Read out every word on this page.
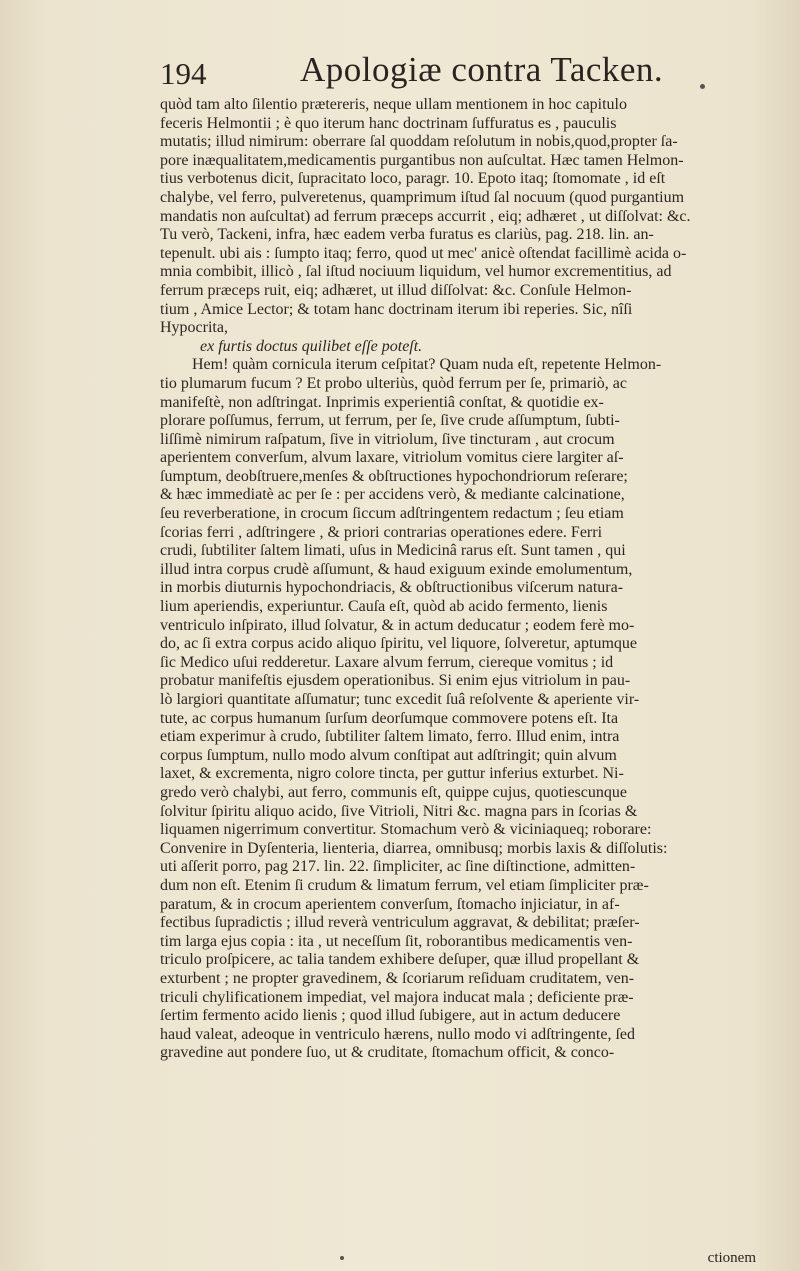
194	Apologiæ contra Tacken.
quòd tam alto ſilentio prætereris, neque ullam mentionem in hoc capitulo
feceris Helmontii ; è quo iterum hanc doctrinam ſuffuratus es , pauculis
mutatis; illud nimirum: oberrare ſal quoddam reſolutum in nobis,quod,propter ſa-
pore inæqualitatem,medicamentis purgantibus non auſcultat. Hæc tamen Helmon-
tius verbotenus dicit, ſupracitato loco, paragr. 10. Epoto itaq; ſtomomate , id eſt
chalybe, vel ferro, pulveretenus, quamprimum iſtud ſal nocuum (quod purgantium
mandatis non auſcultat) ad ferrum præceps accurrit , eiq; adhæret , ut diſſolvat: &c.
Tu verò, Tackeni, infra, hæc eadem verba furatus es clariùs, pag. 218. lin. an-
tepenult. ubi ais : ſumpto itaq; ferro, quod ut mec' anicè oſtendat facillimè acida o-
mnia combibit, illicò , ſal iſtud nociuum liquidum, vel humor excrementitius, ad
ferrum præceps ruit, eiq; adhæret, ut illud diſſolvat: &c. Conſule Helmon-
tium , Amice Lector; & totam hanc doctrinam iterum ibi reperies. Sic, nîſi
Hypocrita,
ex furtis doctus quilibet eſſe poteſt.
Hem! quàm cornicula iterum ceſpitat? Quam nuda eſt, repetente Helmon-
tio plumarum fucum ? Et probo ulteriùs, quòd ferrum per ſe, primariò, ac
manifeſtè, non adſtringat. Inprimis experientiâ conſtat, & quotidie ex-
plorare poſſumus, ferrum, ut ferrum, per ſe, ſive crude aſſumptum, ſubti-
liſſimè nimirum raſpatum, ſive in vitriolum, ſive tincturam , aut crocum
aperientem converſum, alvum laxare, vitriolum vomitus ciere largiter aſ-
ſumptum, deobſtruere,menſes & obſtructiones hypochondriorum reſerare;
& hæc immediatè ac per ſe : per accidens verò, & mediante calcinatione,
ſeu reverberatione, in crocum ſiccum adſtringentem redactum ; ſeu etiam
ſcorias ferri , adſtringere , & priori contrarias operationes edere. Ferri
crudi, ſubtiliter ſaltem limati, uſus in Medicinâ rarus eſt. Sunt tamen , qui
illud intra corpus crudè aſſumunt, & haud exiguum exinde emolumentum,
in morbis diuturnis hypochondriacis, & obſtructionibus viſcerum natura-
lium aperiendis, experiuntur. Cauſa eſt, quòd ab acido fermento, lienis
ventriculo inſpirato, illud ſolvatur, & in actum deducatur ; eodem ferè mo-
do, ac ſi extra corpus acido aliquo ſpiritu, vel liquore, ſolveretur, aptumque
ſic Medico uſui redderetur. Laxare alvum ferrum, ciereque vomitus ; id
probatur manifeſtis ejusdem operationibus. Si enim ejus vitriolum in pau-
lò largiori quantitate aſſumatur; tunc excedit ſuâ reſolvente & aperiente vir-
tute, ac corpus humanum ſurſum deorſumque commovere potens eſt. Ita
etiam experimur à crudo, ſubtiliter ſaltem limato, ferro. Illud enim, intra
corpus ſumptum, nullo modo alvum conſtipat aut adſtringit; quin alvum
laxet, & excrementa, nigro colore tincta, per guttur inferius exturbet. Ni-
gredo verò chalybi, aut ferro, communis eſt, quippe cujus, quotiescunque
ſolvitur ſpiritu aliquo acido, ſive Vitrioli, Nitri &c. magna pars in ſcorias &
liquamen nigerrimum convertitur. Stomachum verò & viciniaqueq; roborare:
Convenire in Dyſenteria, lienteria, diarrea, omnibusq; morbis laxis & diſſolutis:
uti aſſerit porro, pag 217. lin. 22. ſimpliciter, ac ſine diſtinctione, admitten-
dum non eſt. Etenim ſi crudum & limatum ferrum, vel etiam ſimpliciter præ-
paratum, & in crocum aperientem converſum, ſtomacho injiciatur, in af-
fectibus ſupradictis ; illud reverà ventriculum aggravat, & debilitat; præſer-
tim larga ejus copia : ita , ut neceſſum ſit, roborantibus medicamentis ven-
triculo proſpicere, ac talia tandem exhibere deſuper, quæ illud propellant &
exturbent ; ne propter gravedinem, & ſcoriarum reſiduam cruditatem, ven-
triculi chylificationem impediat, vel majora inducat mala ; deficiente præ-
ſertim fermento acido lienis ; quod illud ſubigere, aut in actum deducere
haud valeat, adeoque in ventriculo hærens, nullo modo vi adſtringente, ſed
gravedine aut pondere ſuo, ut & cruditate, ſtomachum officit, & conco-
ctionem
